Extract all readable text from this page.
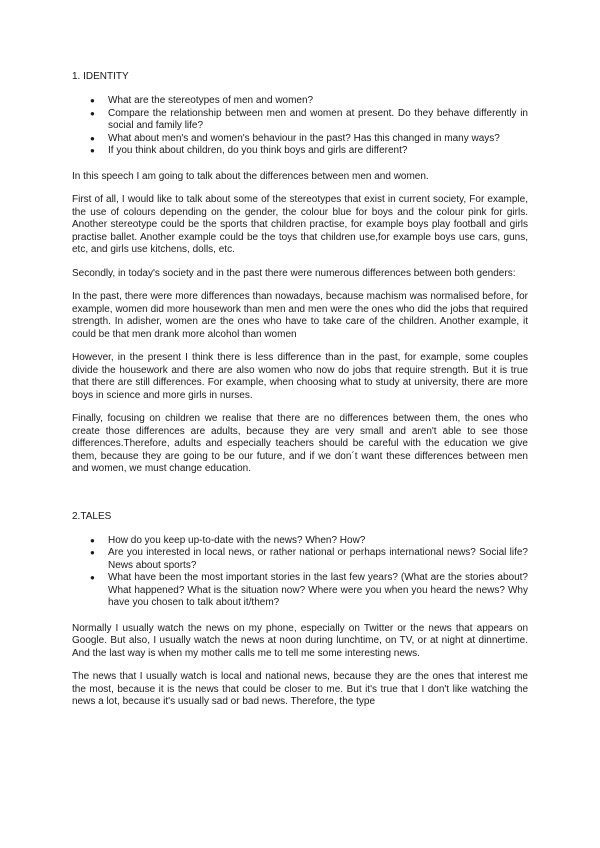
1. IDENTITY
● What are the stereotypes of men and women?
● Compare the relationship between men and women at present. Do they behave differently in social and family life?
● What about men's and women's behaviour in the past? Has this changed in many ways?
● If you think about children, do you think boys and girls are different?

In this speech I am going to talk about the differences between men and women.

First of all, I would like to talk about some of the stereotypes that exist in current society, For example, the use of colours depending on the gender, the colour blue for boys and the colour pink for girls. Another stereotype could be the sports that children practise, for example boys play football and girls practise ballet. Another example could be the toys that children use,for example boys use cars, guns, etc, and girls use kitchens, dolls, etc.

Secondly, in today's society and in the past there were numerous differences between both genders:

In the past, there were more differences than nowadays, because machism was normalised before, for example, women did more housework than men and men were the ones who did the jobs that required strength. In adisher, women are the ones who have to take care of the children. Another example, it could be that men drank more alcohol than women

However, in the present I think there is less difference than in the past, for example, some couples divide the housework and there are also women who now do jobs that require strength. But it is true that there are still differences. For example, when choosing what to study at university, there are more boys in science and more girls in nurses.

Finally, focusing on children we realise that there are no differences between them, the ones who create those differences are adults, because they are very small and aren't able to see those differences.Therefore, adults and especially teachers should be careful with the education we give them, because they are going to be our future, and if we don´t want these differences between men and women, we must change education.

2.TALES
● How do you keep up-to-date with the news? When? How?
● Are you interested in local news, or rather national or perhaps international news? Social life? News about sports?
● What have been the most important stories in the last few years? (What are the stories about? What happened? What is the situation now? Where were you when you heard the news? Why have you chosen to talk about it/them?

Normally I usually watch the news on my phone, especially on Twitter or the news that appears on Google. But also, I usually watch the news at noon during lunchtime, on TV, or at night at dinnertime. And the last way is when my mother calls me to tell me some interesting news.

The news that I usually watch is local and national news, because they are the ones that interest me the most, because it is the news that could be closer to me. But it's true that I don't like watching the news a lot, because it's usually sad or bad news. Therefore, the type
